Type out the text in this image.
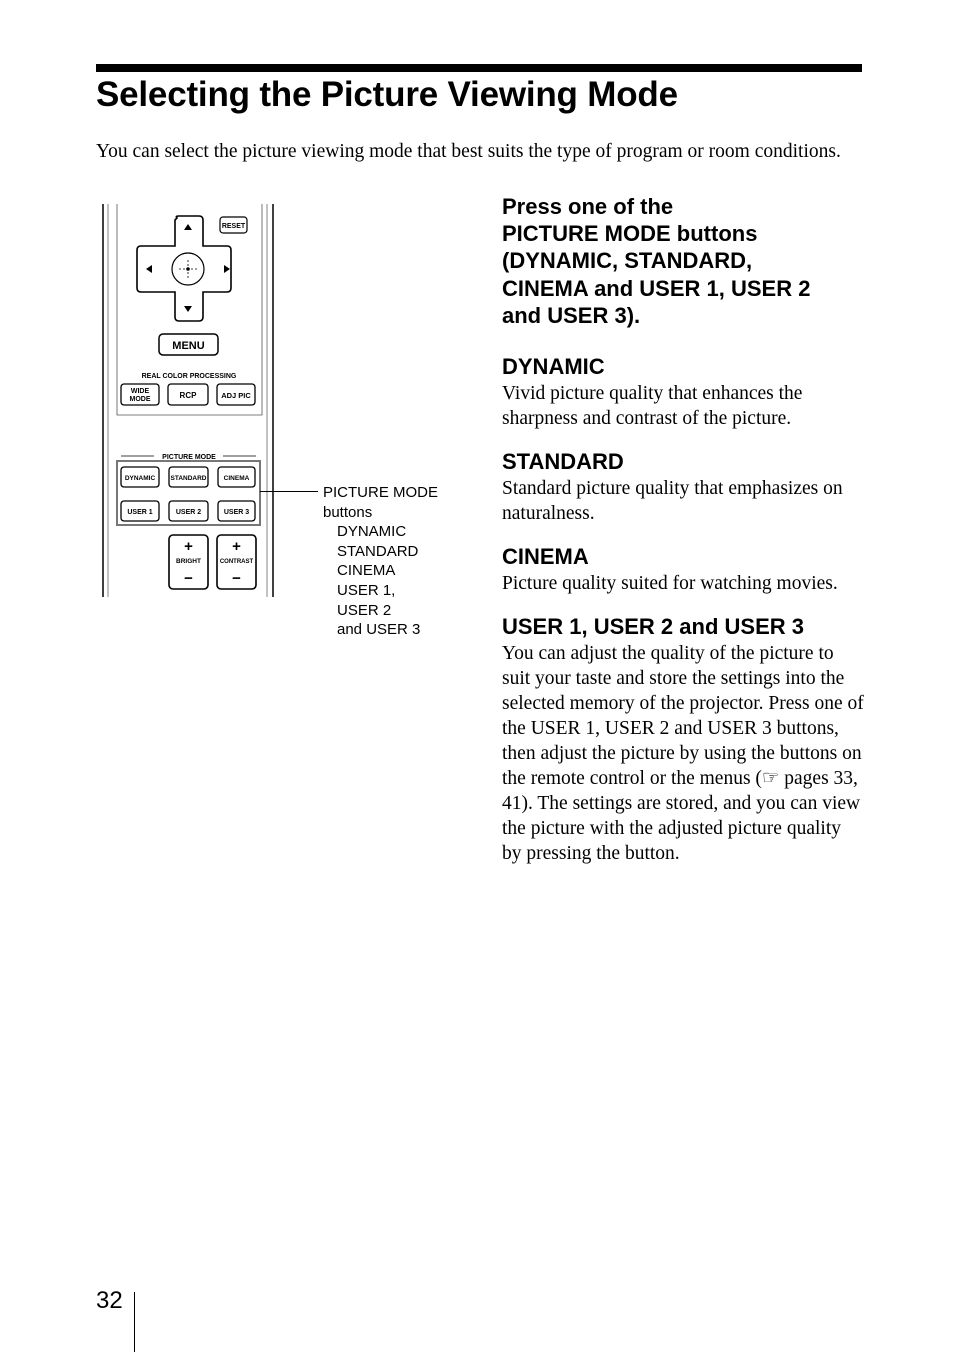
Selecting the Picture Viewing Mode

You can select the picture viewing mode that best suits the type of program or room conditions.

RESET
MENU
REAL COLOR PROCESSING
WIDE
MODE	RCP	ADJ PIC
PICTURE MODE
DYNAMIC STANDARD	CINEMA
USER 1	USER 2	USER 3
+
BRIGHT
−
+
CONTRAST
−
PICTURE MODE
buttons
DYNAMIC
STANDARD
CINEMA
USER 1,
USER 2
and USER 3
Press one of the
PICTURE MODE buttons
(DYNAMIC, STANDARD,
CINEMA and USER 1, USER 2
and USER 3).
DYNAMIC

Vivid picture quality that enhances the sharpness and contrast of the picture.

STANDARD

Standard picture quality that emphasizes on naturalness.

CINEMA

Picture quality suited for watching movies.

USER 1, USER 2 and USER 3

You can adjust the quality of the picture to suit your taste and store the settings into the selected memory of the projector. Press one of the USER 1, USER 2 and USER 3 buttons, then adjust the picture by using the buttons on the remote control or the menus (☞ pages 33, 41). The settings are stored, and you can view the picture with the adjusted picture quality by pressing the button.

32
